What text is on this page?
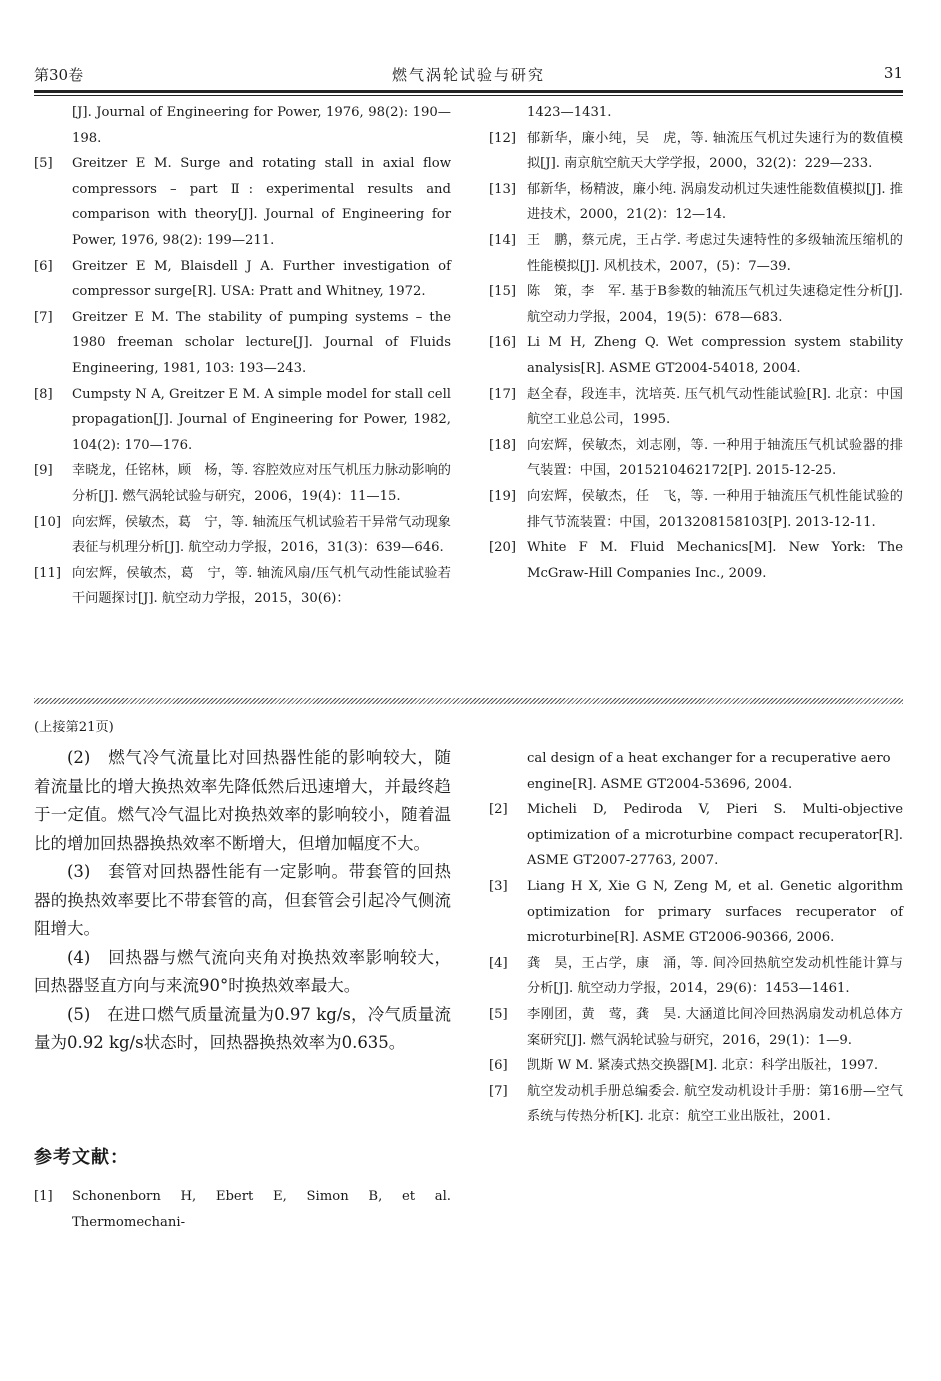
第30卷	燃气涡轮试验与研究	31
[J]. Journal of Engineering for Power, 1976, 98(2): 190—198.
[5] Greitzer E M. Surge and rotating stall in axial flow compressors – part Ⅱ: experimental results and comparison with theory[J]. Journal of Engineering for Power, 1976, 98(2): 199—211.
[6] Greitzer E M, Blaisdell J A. Further investigation of compressor surge[R]. USA: Pratt and Whitney, 1972.
[7] Greitzer E M. The stability of pumping systems – the 1980 freeman scholar lecture[J]. Journal of Fluids Engineering, 1981, 103: 193—243.
[8] Cumpsty N A, Greitzer E M. A simple model for stall cell propagation[J]. Journal of Engineering for Power, 1982, 104(2): 170—176.
[9] 幸晓龙，任铭林，顾　杨，等. 容腔效应对压气机压力脉动影响的分析[J]. 燃气涡轮试验与研究，2006，19(4)：11—15.
[10] 向宏辉，侯敏杰，葛　宁，等. 轴流压气机试验若干异常气动现象表征与机理分析[J]. 航空动力学报，2016，31(3)：639—646.
[11] 向宏辉，侯敏杰，葛　宁，等. 轴流风扇/压气机气动性能试验若干问题探讨[J]. 航空动力学报，2015，30(6)：
1423—1431.
[12] 郁新华，廉小纯，吴　虎，等. 轴流压气机过失速行为的数值模拟[J]. 南京航空航天大学学报，2000，32(2)：229—233.
[13] 郁新华，杨精波，廉小纯. 涡扇发动机过失速性能数值模拟[J]. 推进技术，2000，21(2)：12—14.
[14] 王　鹏，蔡元虎，王占学. 考虑过失速特性的多级轴流压缩机的性能模拟[J]. 风机技术，2007，(5)：7—39.
[15] 陈　策，李　军. 基于B参数的轴流压气机过失速稳定性分析[J]. 航空动力学报，2004，19(5)：678—683.
[16] Li M H, Zheng Q. Wet compression system stability analysis[R]. ASME GT2004-54018, 2004.
[17] 赵全春，段连丰，沈培英. 压气机气动性能试验[R]. 北京：中国航空工业总公司，1995.
[18] 向宏辉，侯敏杰，刘志刚，等. 一种用于轴流压气机试验器的排气装置：中国，2015210462172[P]. 2015-12-25.
[19] 向宏辉，侯敏杰，任　飞，等. 一种用于轴流压气机性能试验的排气节流装置：中国，2013208158103[P]. 2013-12-11.
[20] White F M. Fluid Mechanics[M]. New York: The McGraw-Hill Companies Inc., 2009.
(上接第21页)

(2)　燃气冷气流量比对回热器性能的影响较大，随着流量比的增大换热效率先降低然后迅速增大，并最终趋于一定值。燃气冷气温比对换热效率的影响较小，随着温比的增加回热器换热效率不断增大，但增加幅度不大。

(3)　套管对回热器性能有一定影响。带套管的回热器的换热效率要比不带套管的高，但套管会引起冷气侧流阻增大。

(4)　回热器与燃气流向夹角对换热效率影响较大，回热器竖直方向与来流90°时换热效率最大。

(5)　在进口燃气质量流量为0.97 kg/s，冷气质量流量为0.92 kg/s状态时，回热器换热效率为0.635。

参考文献：
[1] Schonenborn H, Ebert E, Simon B, et al. Thermomechani-
cal design of a heat exchanger for a recuperative aero engine[R]. ASME GT2004-53696, 2004.
[2] Micheli D, Pediroda V, Pieri S. Multi-objective optimization of a microturbine compact recuperator[R]. ASME GT2007-27763, 2007.
[3] Liang H X, Xie G N, Zeng M, et al. Genetic algorithm optimization for primary surfaces recuperator of microturbine[R]. ASME GT2006-90366, 2006.
[4] 龚　昊，王占学，康　涌，等. 间冷回热航空发动机性能计算与分析[J]. 航空动力学报，2014，29(6)：1453—1461.
[5] 李刚团，黄　莺，龚　昊. 大涵道比间冷回热涡扇发动机总体方案研究[J]. 燃气涡轮试验与研究，2016，29(1)：1—9.
[6] 凯斯 W M. 紧凑式热交换器[M]. 北京：科学出版社，1997.
[7] 航空发动机手册总编委会. 航空发动机设计手册：第16册—空气系统与传热分析[K]. 北京：航空工业出版社，2001.
